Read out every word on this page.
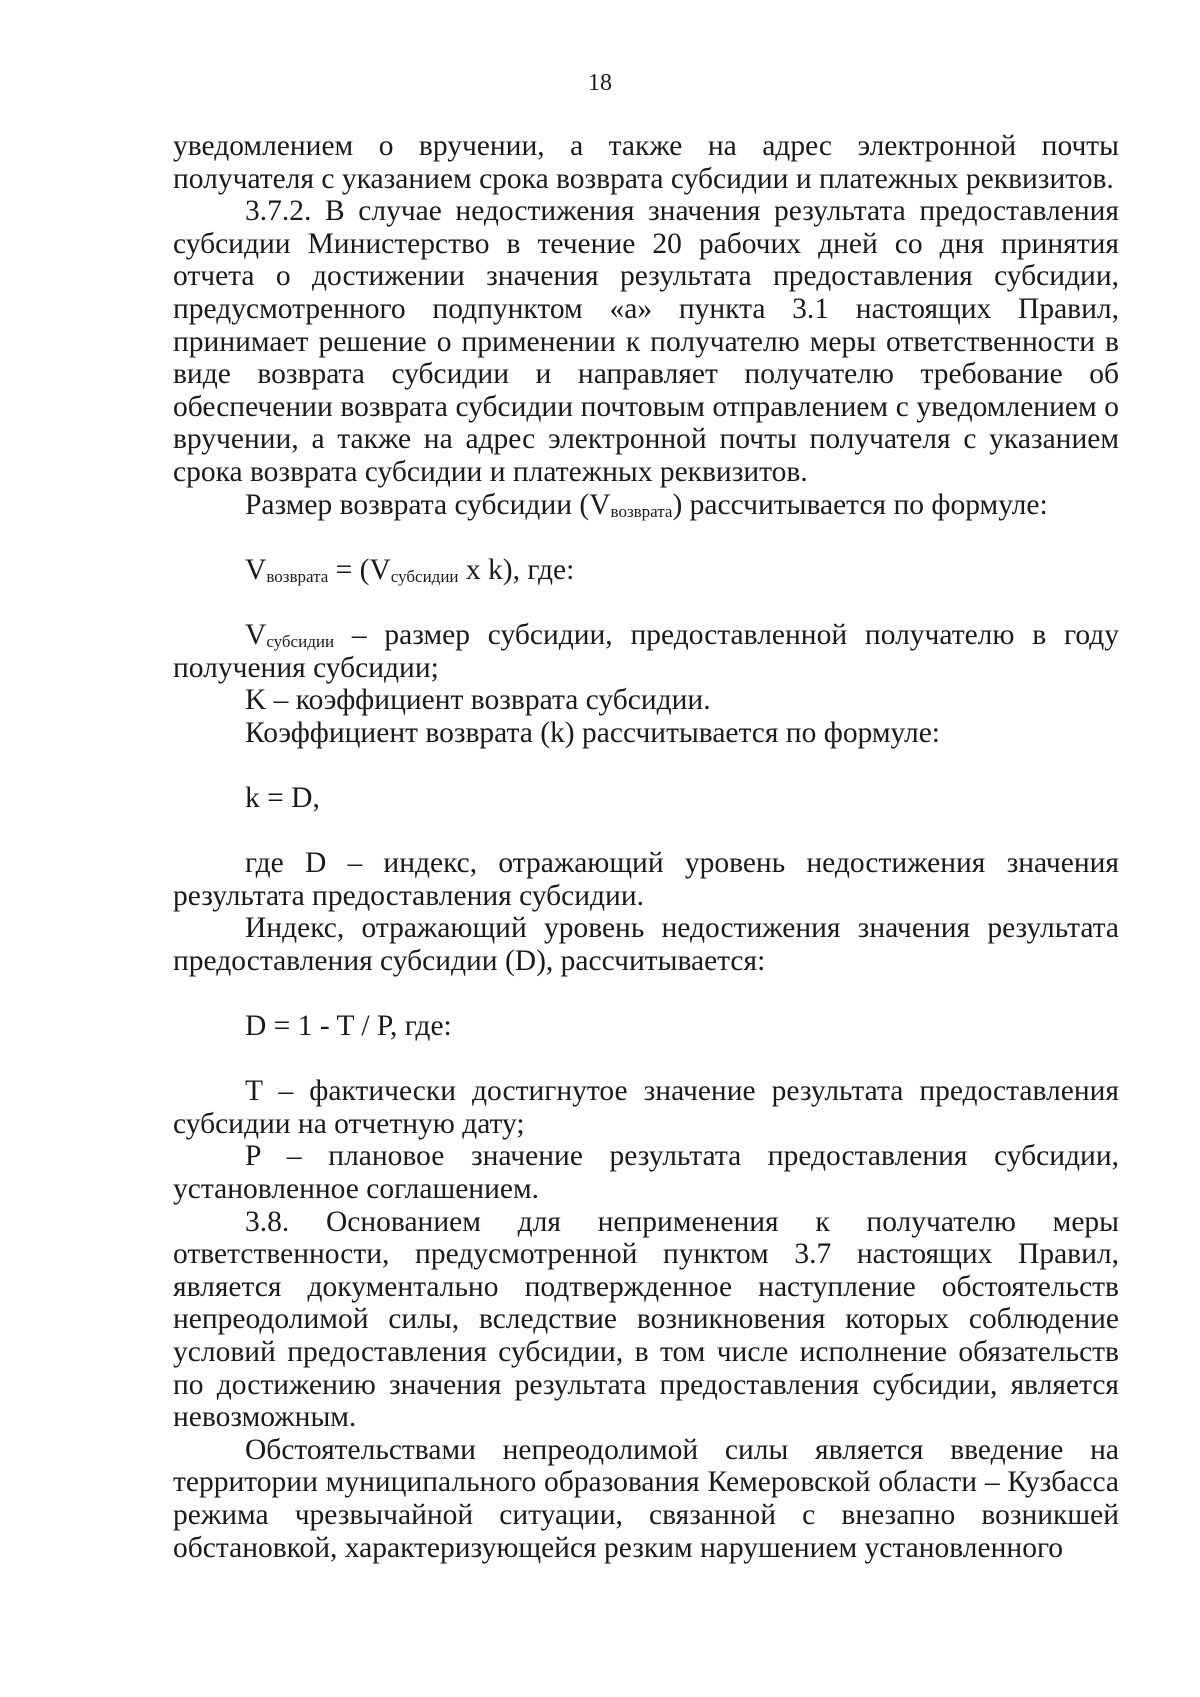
18

уведомлением о вручении, а также на адрес электронной почты получателя с указанием срока возврата субсидии и платежных реквизитов.

3.7.2. В случае недостижения значения результата предоставления субсидии Министерство в течение 20 рабочих дней со дня принятия отчета о достижении значения результата предоставления субсидии, предусмотренного подпунктом «а» пункта 3.1 настоящих Правил, принимает решение о применении к получателю меры ответственности в виде возврата субсидии и направляет получателю требование об обеспечении возврата субсидии почтовым отправлением с уведомлением о вручении, а также на адрес электронной почты получателя с указанием срока возврата субсидии и платежных реквизитов.

Размер возврата субсидии (Vвозврата) рассчитывается по формуле:

Vвозврата = (Vсубсидии х k), где:

Vсубсидии – размер субсидии, предоставленной получателю в году получения субсидии;

K – коэффициент возврата субсидии.

Коэффициент возврата (k) рассчитывается по формуле:

k = D,

где D – индекс, отражающий уровень недостижения значения результата предоставления субсидии.

Индекс, отражающий уровень недостижения значения результата предоставления субсидии (D), рассчитывается:

D = 1 - T / P, где:

T – фактически достигнутое значение результата предоставления субсидии на отчетную дату;

P – плановое значение результата предоставления субсидии, установленное соглашением.

3.8. Основанием для неприменения к получателю меры ответственности, предусмотренной пунктом 3.7 настоящих Правил, является документально подтвержденное наступление обстоятельств непреодолимой силы, вследствие возникновения которых соблюдение условий предоставления субсидии, в том числе исполнение обязательств по достижению значения результата предоставления субсидии, является невозможным.

Обстоятельствами непреодолимой силы является введение на территории муниципального образования Кемеровской области – Кузбасса режима чрезвычайной ситуации, связанной с внезапно возникшей обстановкой, характеризующейся резким нарушением установленного
